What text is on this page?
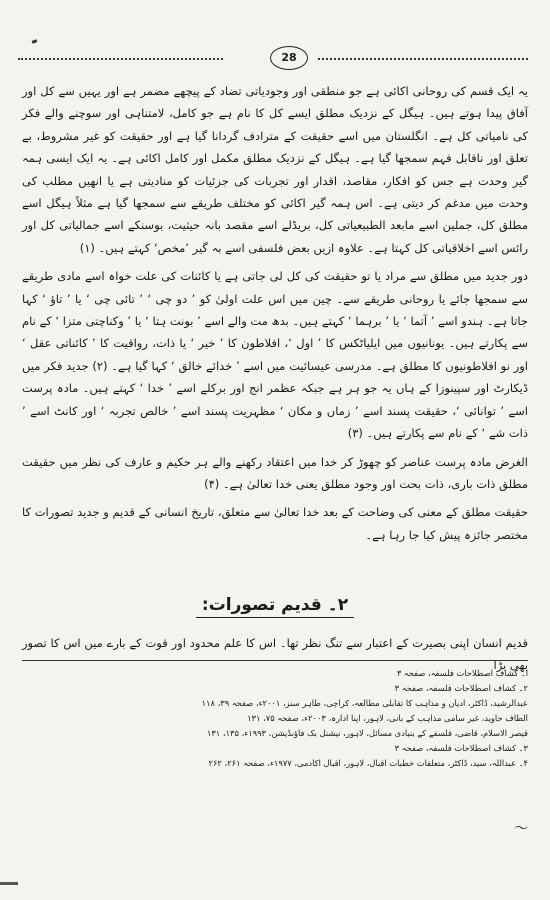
28

یہ ایک قسم کی روحانی اکائی ہے جو منطقی اور وجودیاتی تضاد کے پیچھے مضمر ہے اور یہیں سے کل اور آفاق پیدا ہوتے ہیں۔ ہیگل کے نزدیک مطلق ایسے کل کا نام ہے جو کامل، لامتناہی اور سوچنے والے فکر کی نامیاتی کل ہے۔ انگلستان میں اسے حقیقت کے مترادف گردانا گیا ہے اور حقیقت کو غیر مشروط، بے تعلق اور ناقابل فہم سمجھا گیا ہے۔ ہیگل کے نزدیک مطلق مکمل اور کامل اکائی ہے۔ یہ ایک ایسی ہمہ گیر وحدت ہے جس کو افکار، مقاصد، اقدار اور تجربات کی جزئیات کو منادیتی ہے یا انھیں مطلب کی وحدت میں مدغم کر دیتی ہے۔ اس ہمہ گیر اکائی کو مختلف طریقے سے سمجھا گیا ہے مثلاً ہیگل اسے مطلق کل، جملین اسے مابعد الطبیعیاتی کل، بریڈلے اسے مقصد بانہ حیثیت، بوسنکے اسے جمالیاتی کل اور رائس اسے اخلاقیاتی کل کہتا ہے۔ علاوہ ازیں بعض فلسفی اسے بہ گیر ’مخص‘ کہتے ہیں۔ (۱)

دور جدید میں مطلق سے مراد یا تو حقیقت کی کل لی جاتی ہے یا کائنات کی علت خواہ اسے مادی طریقے سے سمجھا جائے یا روحانی طریقے سے۔ چین میں اس علت اولیٰ کو ’ دو چی ‘ ’ تائی چی ‘ یا ’ تاؤ ‘ کہا جاتا ہے۔ ہندو اسے ’ آتما ‘ یا ’ برہما ‘ کہتے ہیں۔ بدھ مت والے اسے ’ بونت ہتا ‘ یا ’ وکناچتی متزا ‘ کے نام سے پکارتے ہیں۔ یونانیوں میں ایلیاٹکس کا ’ اول ‘، افلاطون کا ’ خیر ‘ یا ذات، رواقیت کا ’ کائناتی عقل ‘ اور نو افلاطونیوں کا مطلق ہے۔ مدرسی عیسائیت میں اسے ’ خدائے خالق ‘ کہا گیا ہے۔ (۲) جدید فکر میں ڈیکارٹ اور سپینوزا کے ہاں یہ جو ہر ہے جبکہ عظمر انج اور برکلے اسے ’ خدا ‘ کہتے ہیں۔ مادہ پرست اسے ’ توانائی ‘، حقیقت پسند اسے ’ زماں و مکان ‘ مظہریت پسند اسے ’ خالص تجربہ ‘ اور کانٹ اسے ’ ذات شے ‘ کے نام سے پکارتے ہیں۔ (۳)

الغرض مادہ پرست عناصر کو چھوڑ کر خدا میں اعتقاد رکھنے والے ہر حکیم و عارف کی نظر میں حقیقت مطلق ذات باری، ذات بحت اور وجود مطلق یعنی خدا تعالیٰ ہے۔ (۴)

حقیقت مطلق کے معنی کی وضاحت کے بعد خدا تعالیٰ سے متعلق، تاریخ انسانی کے قدیم و جدید تصورات کا مختصر جائزہ پیش کیا جا رہا ہے۔

۲۔ قدیم تصورات:
قدیم انسان اپنی بصیرت کے اعتبار سے تنگ نظر تھا۔ اس کا علم محدود اور قوت کے بارے میں اس کا تصور بھی بڑا
ا۔ کشاف اصطلاحات فلسفہ، صفحہ ۳
۲۔ کشاف اصطلاحات فلسفہ، صفحہ ۳
عبدالرشید، ڈاکٹر، ادیان و مذاہب کا تقابلی مطالعہ، کراچی، طاہر سنز، ۲۰۰۱ء، صفحہ ۳۹، ۱۱۸
الطاف جاوید، غیر سامی مذاہب کے بانی، لاہور، اپنا ادارہ، ۲۰۰۳ء، صفحہ ۷۵، ۱۳۱
قیصر الاسلام، قاضی، فلسفے کے بنیادی مسائل، لاہور، نیشنل بک فاؤنڈیشن، ۱۹۹۳ء، ۱۳۵، ۱۳۱
۳۔ کشاف اصطلاحات فلسفہ، صفحہ ۳
۴۔ عبداللہ، سید، ڈاکٹر، متعلقات خطبات اقبال، لاہور، اقبال اکادمی، ۱۹۷۷ء، صفحہ ۲۶۱، ۲۶۲
〜
